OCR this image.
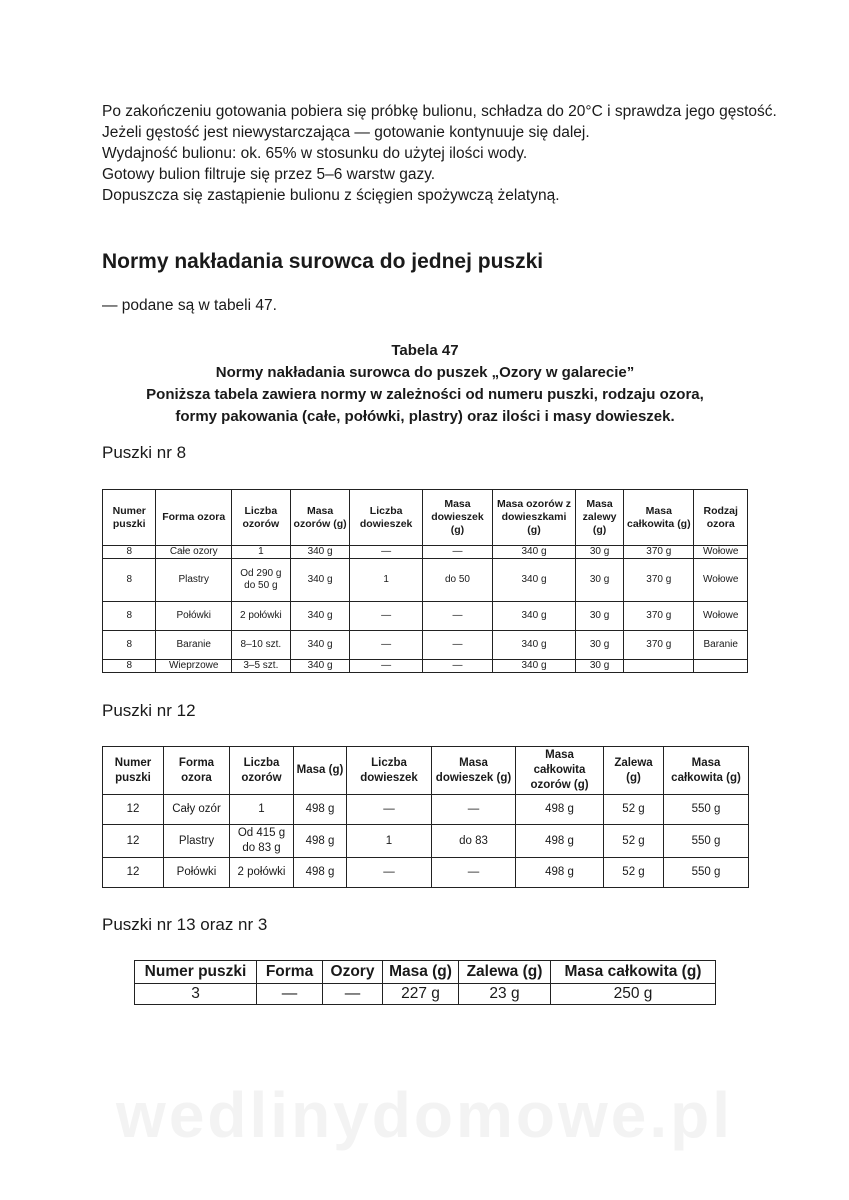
Po zakończeniu gotowania pobiera się próbkę bulionu, schładza do 20°C i sprawdza jego gęstość.

Jeżeli gęstość jest niewystarczająca — gotowanie kontynuuje się dalej.

Wydajność bulionu: ok. 65% w stosunku do użytej ilości wody.

Gotowy bulion filtruje się przez 5–6 warstw gazy.

Dopuszcza się zastąpienie bulionu z ścięgien spożywczą żelatyną.

Normy nakładania surowca do jednej puszki
— podane są w tabeli 47.
Tabela 47
Normy nakładania surowca do puszek „Ozory w galarecie”
Poniższa tabela zawiera normy w zależności od numeru puszki, rodzaju ozora,
formy pakowania (całe, połówki, plastry) oraz ilości i masy dowieszek.
Puszki nr 8
Numer puszki	Forma ozora	Liczba ozorów	Masa ozorów (g)	Liczba dowieszek	Masa dowieszek (g)	Masa ozorów z dowieszkami (g)	Masa zalewy (g)	Masa całkowita (g)	Rodzaj ozora
8	Całe ozory	1	340 g	—	—	340 g	30 g	370 g	Wołowe
8	Plastry	Od 290 g do 50 g	340 g	1	do 50	340 g	30 g	370 g	Wołowe
8	Połówki	2 połówki	340 g	—	—	340 g	30 g	370 g	Wołowe
8	Baranie	8–10 szt.	340 g	—	—	340 g	30 g	370 g	Baranie
8	Wieprzowe	3–5 szt.	340 g	—	—	340 g	30 g		
Puszki nr 12
Numer puszki	Forma ozora	Liczba ozorów	Masa (g)	Liczba dowieszek	Masa dowieszek (g)	Masa całkowita ozorów (g)	Zalewa (g)	Masa całkowita (g)
12	Cały ozór	1	498 g	—	—	498 g	52 g	550 g
12	Plastry	Od 415 g do 83 g	498 g	1	do 83	498 g	52 g	550 g
12	Połówki	2 połówki	498 g	—	—	498 g	52 g	550 g
Puszki nr 13 oraz nr 3
Numer puszki	Forma	Ozory	Masa (g)	Zalewa (g)	Masa całkowita (g)
3	—	—	227 g	23 g	250 g
wedlinydomowe.pl
